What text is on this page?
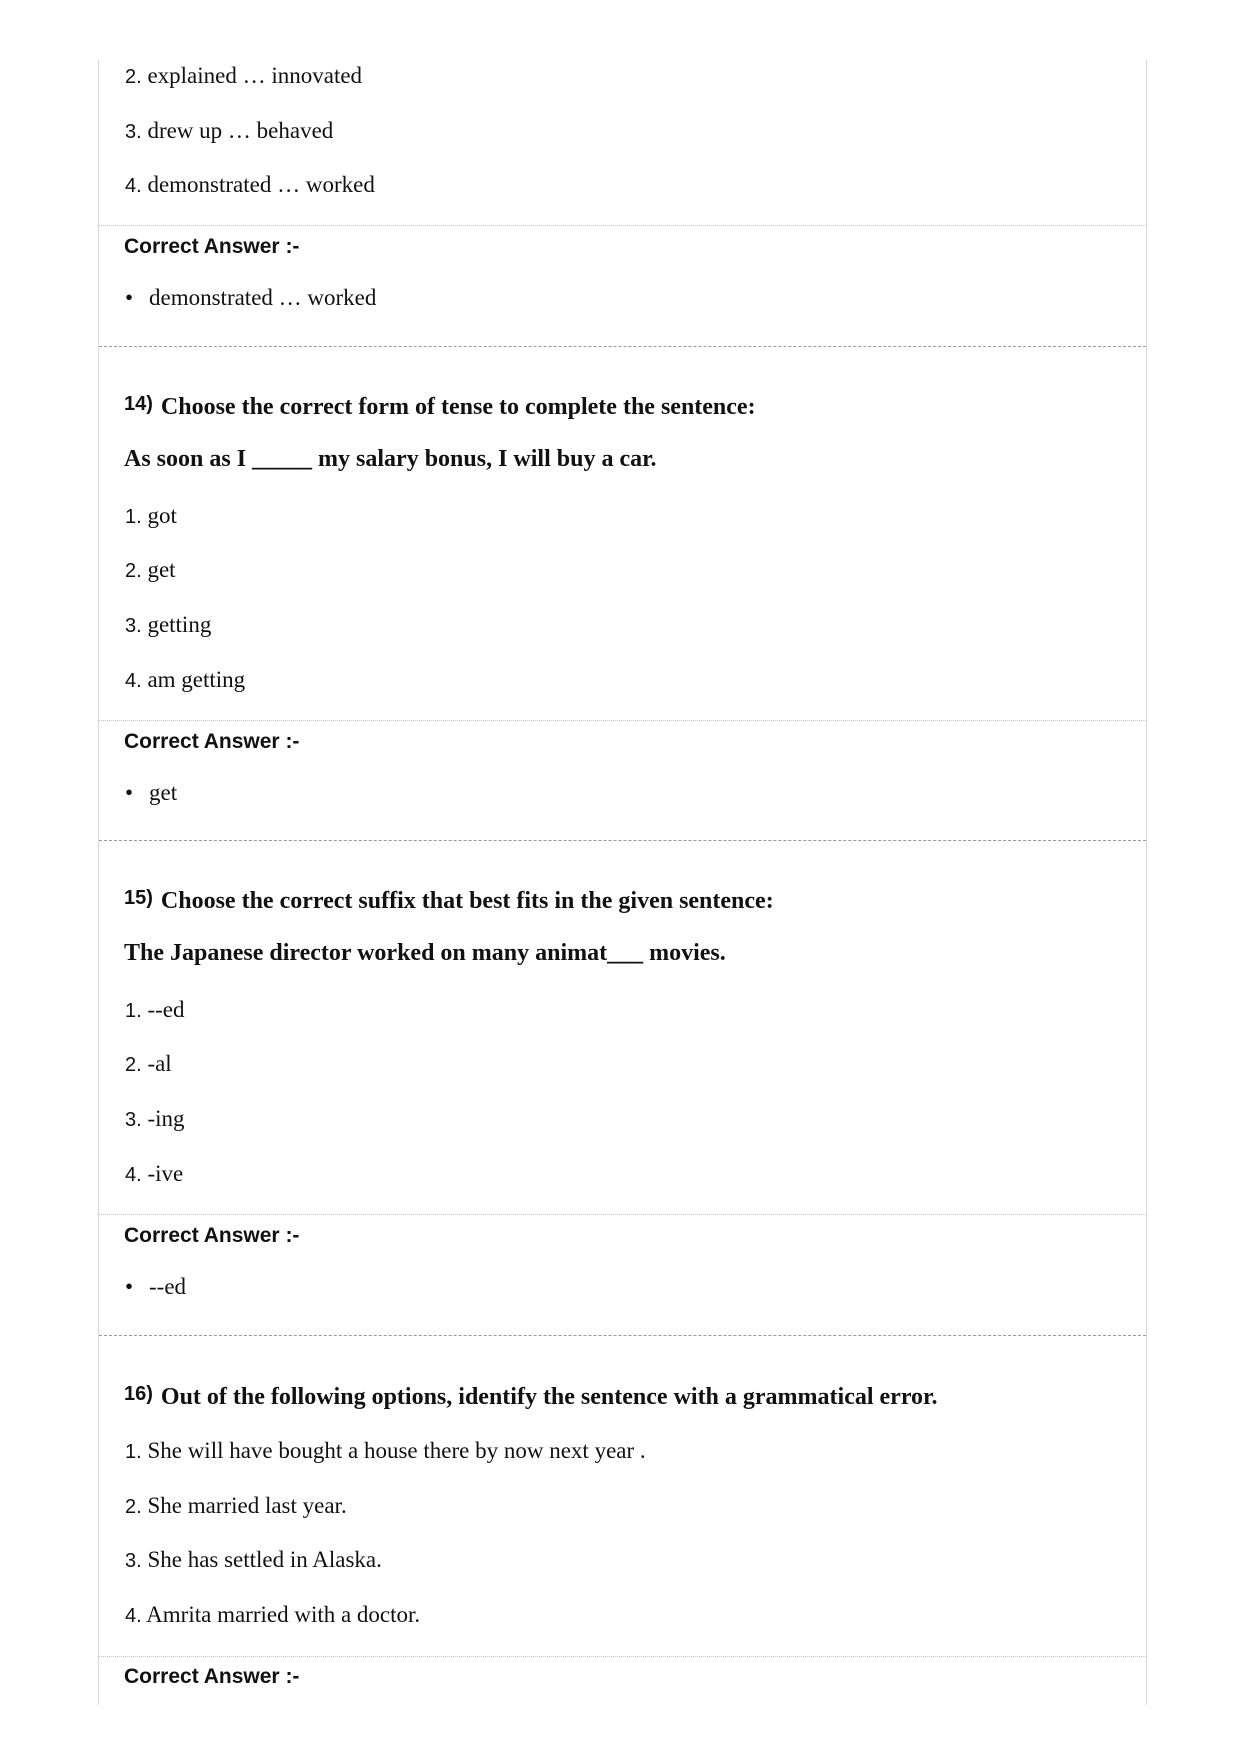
2. explained … innovated
3. drew up … behaved
4. demonstrated … worked
Correct Answer :-
• demonstrated … worked
14) Choose the correct form of tense to complete the sentence:
As soon as I _____ my salary bonus, I will buy a car.
1. got
2. get
3. getting
4. am getting
Correct Answer :-
• get
15) Choose the correct suffix that best fits in the given sentence:
The Japanese director worked on many animat___ movies.
1. --ed
2. -al
3. -ing
4. -ive
Correct Answer :-
• --ed
16) Out of the following options, identify the sentence with a grammatical error.
1. She will have bought a house there by now next year .
2. She married last year.
3. She has settled in Alaska.
4. Amrita married with a doctor.
Correct Answer :-
